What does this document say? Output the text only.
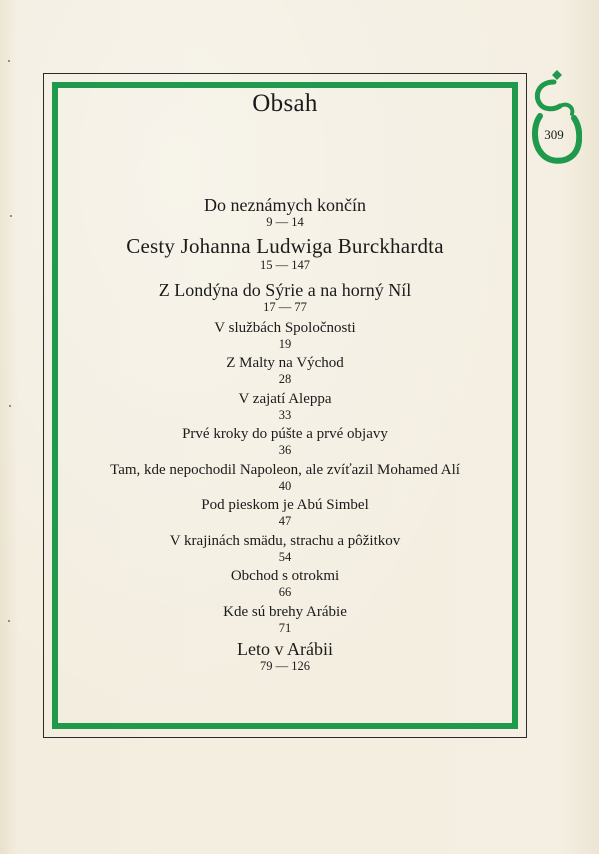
Obsah
Do neznámych končín
9 — 14
Cesty Johanna Ludwiga Burckhardta
15 — 147
Z Londýna do Sýrie a na horný Níl
17 — 77
V službách Spoločnosti
19
Z Malty na Východ
28
V zajatí Aleppa
33
Prvé kroky do púšte a prvé objavy
36
Tam, kde nepochodil Napoleon, ale zvíťazil Mohamed Alí
40
Pod pieskom je Abú Simbel
47
V krajinách smädu, strachu a pôžitkov
54
Obchod s otrokmi
66
Kde sú brehy Arábie
71
Leto v Arábii
79 — 126
309
